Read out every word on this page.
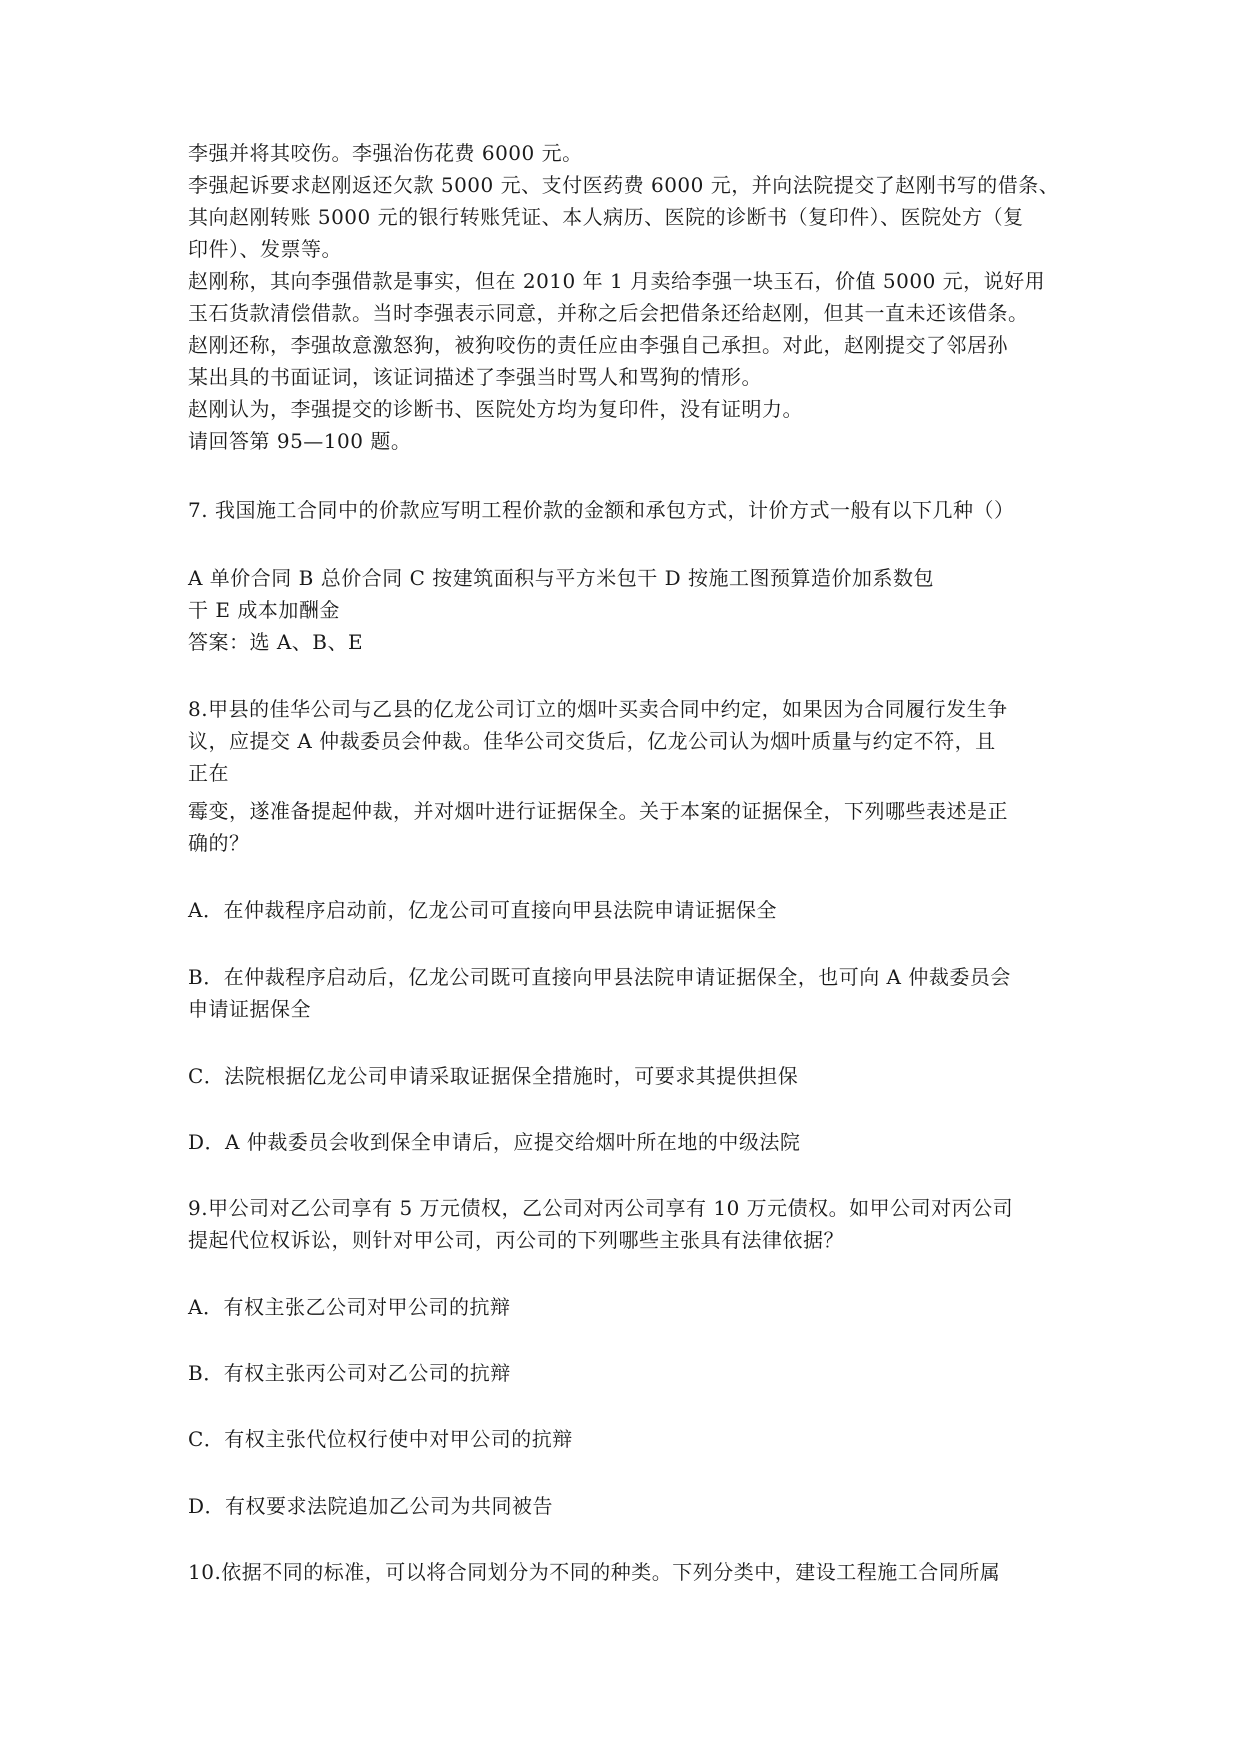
李强并将其咬伤。李强治伤花费 6000 元。
李强起诉要求赵刚返还欠款 5000 元、支付医药费 6000 元，并向法院提交了赵刚书写的借条、
其向赵刚转账 5000 元的银行转账凭证、本人病历、医院的诊断书（复印件）、医院处方（复
印件）、发票等。
赵刚称，其向李强借款是事实，但在 2010 年 1 月卖给李强一块玉石，价值 5000 元，说好用
玉石货款清偿借款。当时李强表示同意，并称之后会把借条还给赵刚，但其一直未还该借条。
赵刚还称，李强故意激怒狗，被狗咬伤的责任应由李强自己承担。对此，赵刚提交了邻居孙
某出具的书面证词，该证词描述了李强当时骂人和骂狗的情形。
赵刚认为，李强提交的诊断书、医院处方均为复印件，没有证明力。
请回答第 95—100 题。
7. 我国施工合同中的价款应写明工程价款的金额和承包方式，计价方式一般有以下几种（）
A 单价合同 B 总价合同 C 按建筑面积与平方米包干 D 按施工图预算造价加系数包
干 E 成本加酬金
答案：选 A、B、E
8.甲县的佳华公司与乙县的亿龙公司订立的烟叶买卖合同中约定，如果因为合同履行发生争
议，应提交 A 仲裁委员会仲裁。佳华公司交货后，亿龙公司认为烟叶质量与约定不符，且
正在
霉变，遂准备提起仲裁，并对烟叶进行证据保全。关于本案的证据保全，下列哪些表述是正
确的？
A．在仲裁程序启动前，亿龙公司可直接向甲县法院申请证据保全
B．在仲裁程序启动后，亿龙公司既可直接向甲县法院申请证据保全，也可向 A 仲裁委员会
申请证据保全
C．法院根据亿龙公司申请采取证据保全措施时，可要求其提供担保
D．A 仲裁委员会收到保全申请后，应提交给烟叶所在地的中级法院
9.甲公司对乙公司享有 5 万元债权，乙公司对丙公司享有 10 万元债权。如甲公司对丙公司
提起代位权诉讼，则针对甲公司，丙公司的下列哪些主张具有法律依据？
A．有权主张乙公司对甲公司的抗辩
B．有权主张丙公司对乙公司的抗辩
C．有权主张代位权行使中对甲公司的抗辩
D．有权要求法院追加乙公司为共同被告
10.依据不同的标准，可以将合同划分为不同的种类。下列分类中，建设工程施工合同所属
